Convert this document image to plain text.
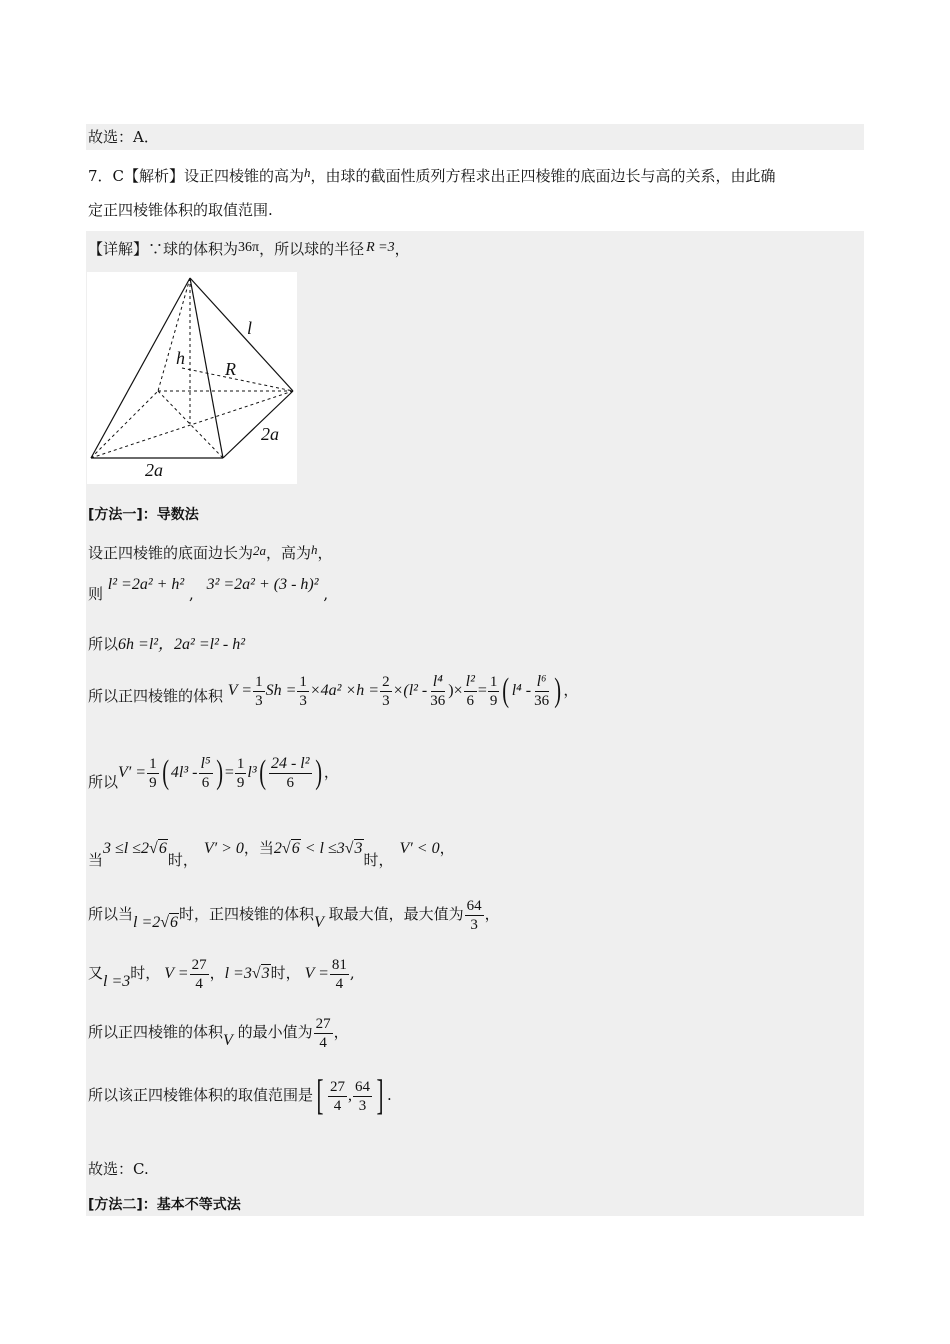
故选：A．
7．C【解析】设正四棱锥的高为h，由球的截面性质列方程求出正四棱锥的底面边长与高的关系，由此确
定正四棱锥体积的取值范围.
【详解】∵球的体积为36π，所以球的半径 R =3，
l
h
R
2a
2a
[方法一]：导数法
设正四棱锥的底面边长为2a，高为h，
则 l² =2a² + h² , 3² =2a² + (3 - h)² ,
所以6h =l²，2a² =l² - h²
所以正四棱锥的体积 $V = \frac{1}{3}$ $Sh = \frac{1}{3} \times 4a^2 \times h = \frac{2}{3} \times(l^2 - \frac{\text{l⁴}}{36}$ )× $\frac{\text{l²}}{6} = \frac{1}{9}$ ( $l^4 - \frac{\text{l⁶}}{36}$ ) ，
所以$V' = \frac{1}{9}$ ( $4l^3 - \frac{\text{l⁵}}{6}$ ) = $\frac{1}{9} l^3( \frac{\text{24 - l²}}{6}$ ) ，
当3 ≤l ≤2√6时，V′ > 0，当2√6 < l ≤3√3时，V′ < 0，
所以当l =2√6时，正四棱锥的体积V 取最大值，最大值为 $\frac{64}{3}$ ，
又l =3时， $V = \frac{27}{4}$ ，l =3√3时， $V = \frac{81}{4}$ ,
所以正四棱锥的体积V 的最小值为 $\frac{27}{4}$ ，
所以该正四棱锥体积的取值范围是[ $\frac{27}{4}$ , $\frac{64}{3}$ ] .
故选：C.
[方法二]：基本不等式法
